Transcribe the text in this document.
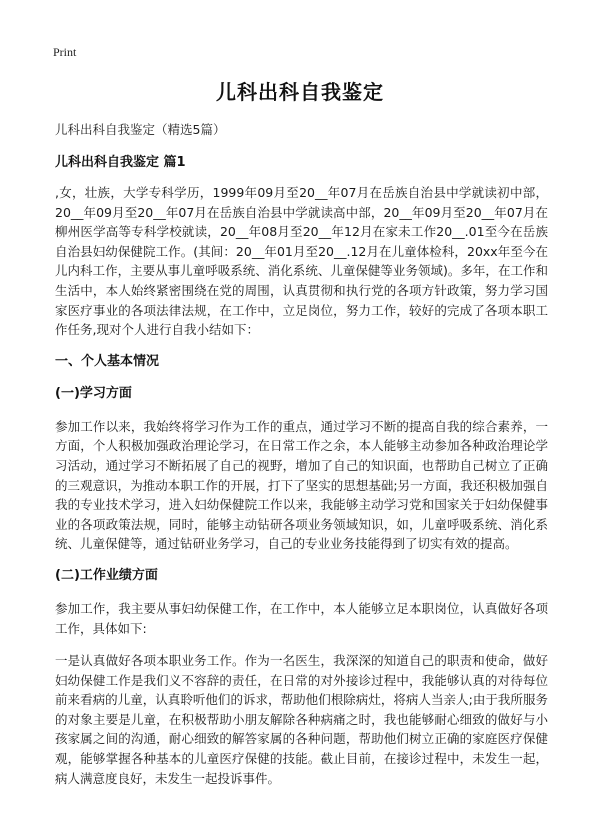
Print
儿科出科自我鉴定
儿科出科自我鉴定（精选5篇）
儿科出科自我鉴定 篇1

,女，壮族，大学专科学历，1999年09月至20__年07月在岳族自治县中学就读初中部，20__年09月至20__年07月在岳族自治县中学就读高中部，20__年09月至20__年07月在柳州医学高等专科学校就读，20__年08月至20__年12月在家未工作20__.01至今在岳族自治县妇幼保健院工作。(其间：20__年01月至20__.12月在儿童体检科，20xx年至今在儿内科工作，主要从事儿童呼吸系统、消化系统、儿童保健等业务领域)。多年，在工作和生活中，本人始终紧密围绕在党的周围，认真贯彻和执行党的各项方针政策，努力学习国家医疗事业的各项法律法规，在工作中，立足岗位，努力工作，较好的完成了各项本职工作任务,现对个人进行自我小结如下：

一、个人基本情况
(一)学习方面

参加工作以来，我始终将学习作为工作的重点，通过学习不断的提高自我的综合素养，一方面，个人积极加强政治理论学习，在日常工作之余，本人能够主动参加各种政治理论学习活动，通过学习不断拓展了自己的视野，增加了自己的知识面，也帮助自己树立了正确的三观意识，为推动本职工作的开展，打下了坚实的思想基础;另一方面，我还积极加强自我的专业技术学习，进入妇幼保健院工作以来，我能够主动学习党和国家关于妇幼保健事业的各项政策法规，同时，能够主动钻研各项业务领域知识，如，儿童呼吸系统、消化系统、儿童保健等，通过钻研业务学习，自己的专业业务技能得到了切实有效的提高。

(二)工作业绩方面

参加工作，我主要从事妇幼保健工作，在工作中，本人能够立足本职岗位，认真做好各项工作，具体如下:

一是认真做好各项本职业务工作。作为一名医生，我深深的知道自己的职责和使命，做好妇幼保健工作是我们义不容辞的责任，在日常的对外接诊过程中，我能够认真的对待每位前来看病的儿童，认真聆听他们的诉求，帮助他们根除病灶，将病人当亲人;由于我所服务的对象主要是儿童，在积极帮助小朋友解除各种病痛之时，我也能够耐心细致的做好与小孩家属之间的沟通，耐心细致的解答家属的各种问题，帮助他们树立正确的家庭医疗保健观，能够掌握各种基本的儿童医疗保健的技能。截止目前，在接诊过程中，未发生一起，病人满意度良好，未发生一起投诉事件。
